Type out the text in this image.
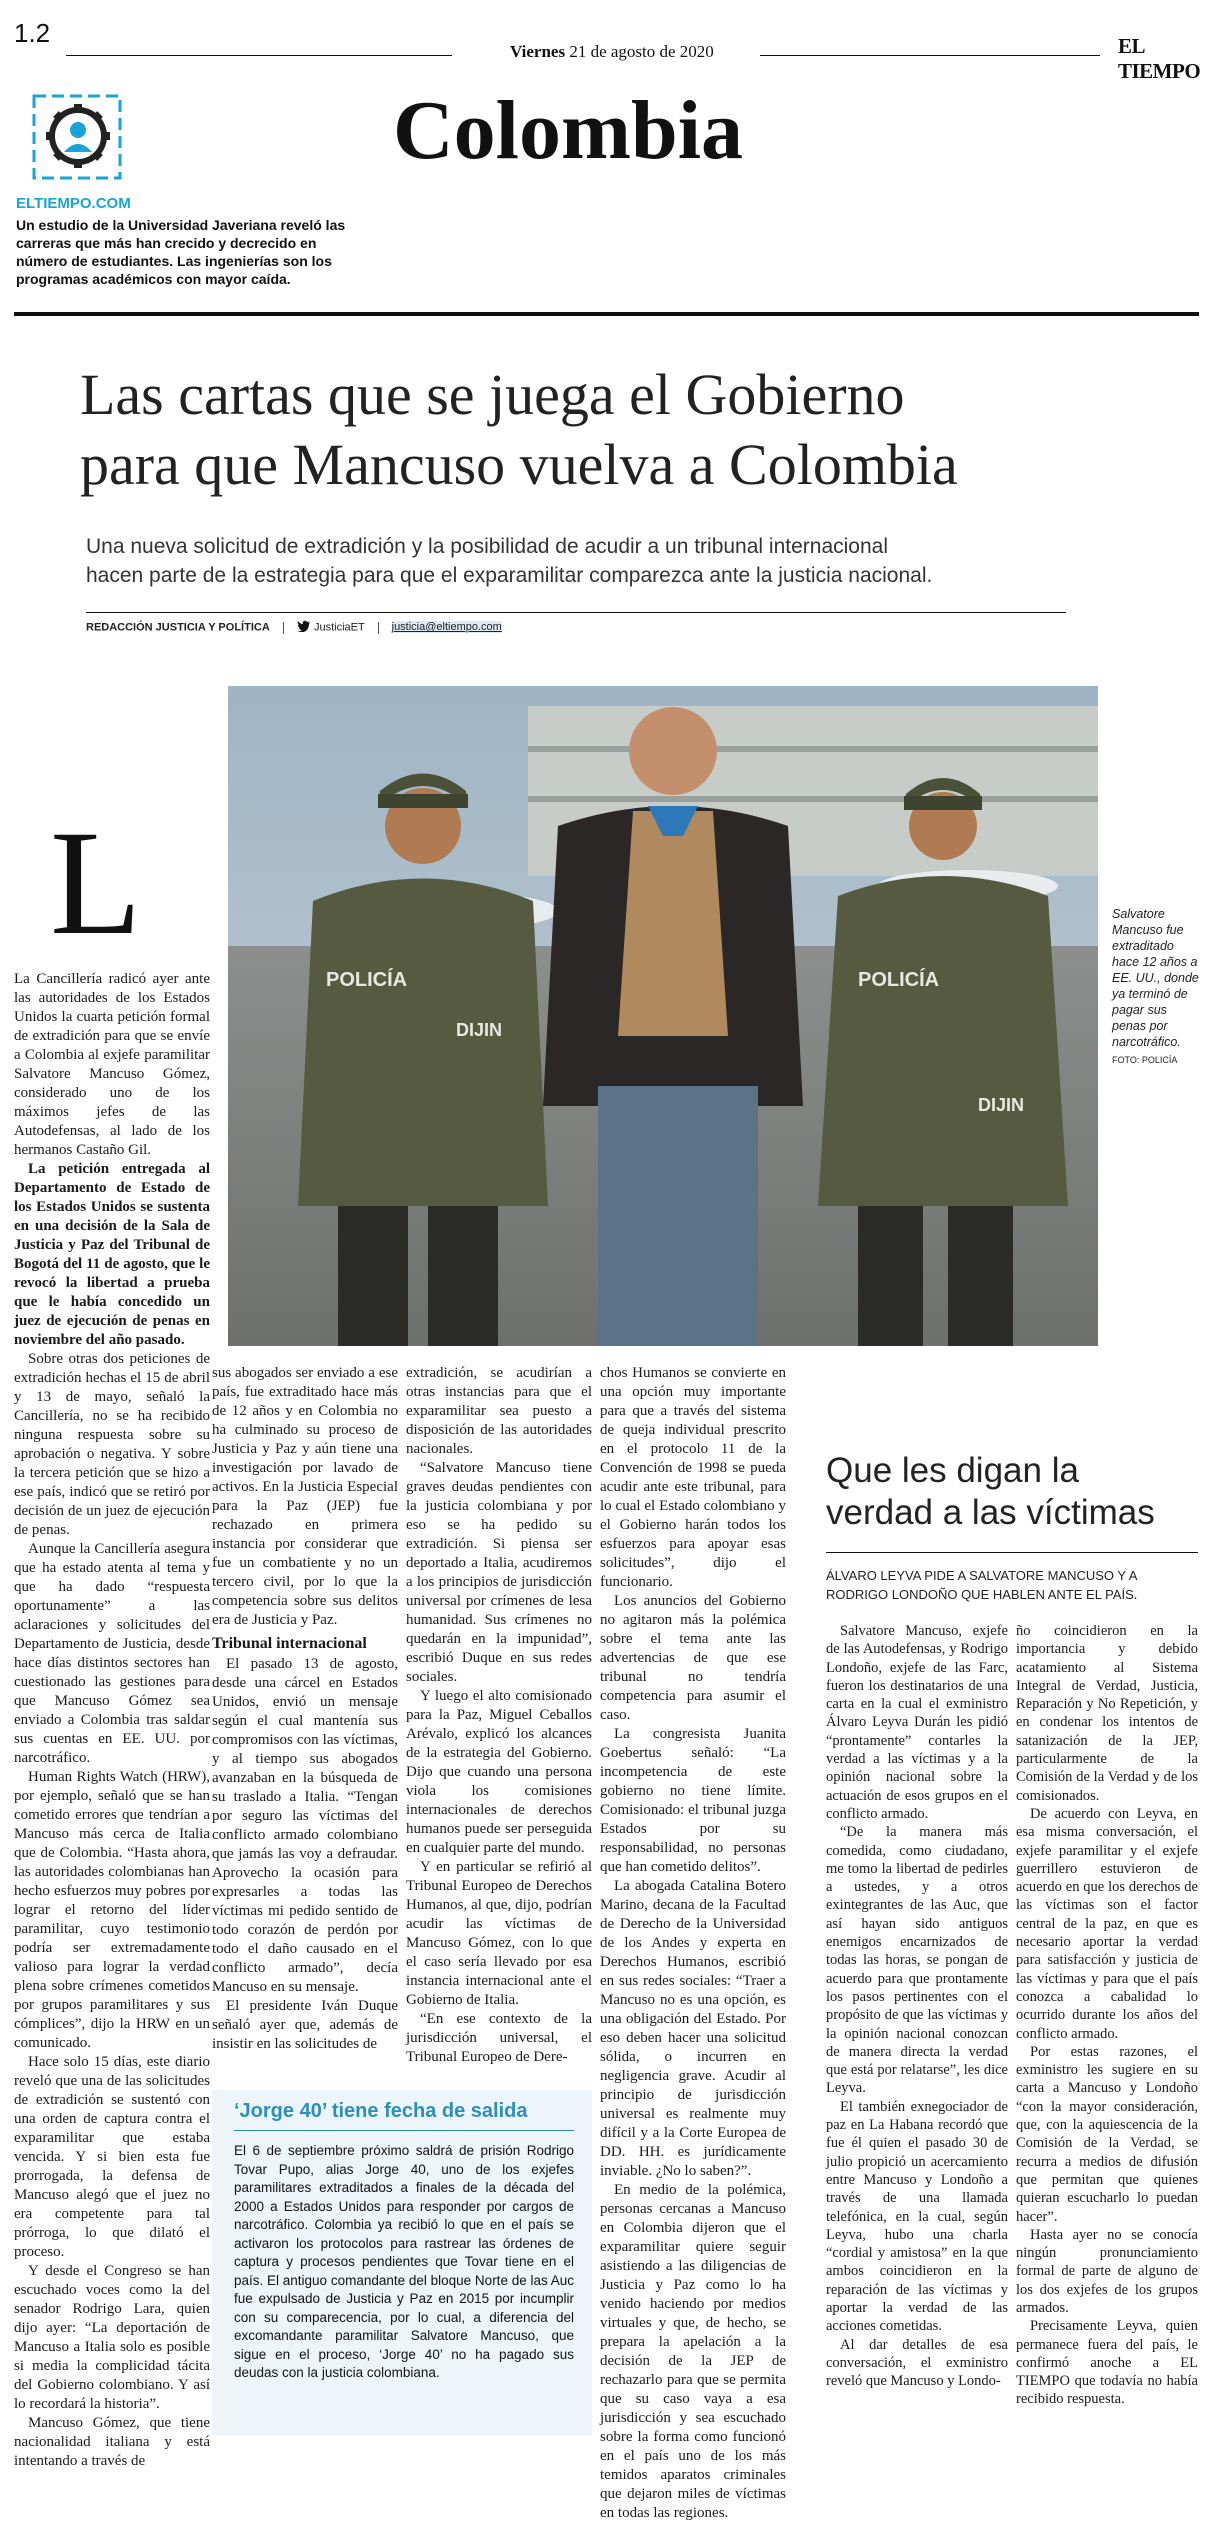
1.2
Viernes 21 de agosto de 2020	EL TIEMPO
ELTIEMPO.COM
Un estudio de la Universidad Javeriana reveló las carreras que más han crecido y decrecido en número de estudiantes. Las ingenierías son los programas académicos con mayor caída.
Colombia
Las cartas que se juega el Gobierno
para que Mancuso vuelva a Colombia
Una nueva solicitud de extradición y la posibilidad de acudir a un tribunal internacional
hacen parte de la estrategia para que el exparamilitar comparezca ante la justicia nacional.
REDACCIÓN JUSTICIA Y POLÍTICA	JusticiaET justicia@eltiempo.com
POLICÍA
DIJIN
POLICÍA
DIJIN
Salvatore Mancuso fue extraditado hace 12 años a EE. UU., donde ya terminó de pagar sus penas por narcotráfico.
FOTO: POLICÍA
L

La Cancillería radicó ayer ante las autoridades de los Estados Unidos la cuarta petición formal de extradición para que se envíe a Colombia al exjefe paramilitar Salvatore Mancuso Gómez, considerado uno de los máximos jefes de las Autodefensas, al lado de los hermanos Castaño Gil.

La petición entregada al Departamento de Estado de los Estados Unidos se sustenta en una decisión de la Sala de Justicia y Paz del Tribunal de Bogotá del 11 de agosto, que le revocó la libertad a prueba que le había concedido un juez de ejecución de penas en noviembre del año pasado.

Sobre otras dos peticiones de extradición hechas el 15 de abril y 13 de mayo, señaló la Cancillería, no se ha recibido ninguna respuesta sobre su aprobación o negativa. Y sobre la tercera petición que se hizo a ese país, indicó que se retiró por decisión de un juez de ejecución de penas.

Aunque la Cancillería asegura que ha estado atenta al tema y que ha dado “respuesta oportunamente” a las aclaraciones y solicitudes del Departamento de Justicia, desde hace días distintos sectores han cuestionado las gestiones para que Mancuso Gómez sea enviado a Colombia tras saldar sus cuentas en EE. UU. por narcotráfico.

Human Rights Watch (HRW), por ejemplo, señaló que se han cometido errores que tendrían a Mancuso más cerca de Italia que de Colombia. “Hasta ahora, las autoridades colombianas han hecho esfuerzos muy pobres por lograr el retorno del líder paramilitar, cuyo testimonio podría ser extremadamente valioso para lograr la verdad plena sobre crímenes cometidos por grupos paramilitares y sus cómplices”, dijo la HRW en un comunicado.

Hace solo 15 días, este diario reveló que una de las solicitudes de extradición se sustentó con una orden de captura contra el exparamilitar que estaba vencida. Y si bien esta fue prorrogada, la defensa de Mancuso alegó que el juez no era competente para tal prórroga, lo que dilató el proceso.

Y desde el Congreso se han escuchado voces como la del senador Rodrigo Lara, quien dijo ayer: “La deportación de Mancuso a Italia solo es posible si media la complicidad tácita del Gobierno colombiano. Y así lo recordará la historia”.

Mancuso Gómez, que tiene nacionalidad italiana y está intentando a través de

sus abogados ser enviado a ese país, fue extraditado hace más de 12 años y en Colombia no ha culminado su proceso de Justicia y Paz y aún tiene una investigación por lavado de activos. En la Justicia Especial para la Paz (JEP) fue rechazado en primera instancia por considerar que fue un combatiente y no un tercero civil, por lo que la competencia sobre sus delitos era de Justicia y Paz.

Tribunal internacional

El pasado 13 de agosto, desde una cárcel en Estados Unidos, envió un mensaje según el cual mantenía sus compromisos con las víctimas, y al tiempo sus abogados avanzaban en la búsqueda de su traslado a Italia. “Tengan por seguro las víctimas del conflicto armado colombiano que jamás las voy a defraudar. Aprovecho la ocasión para expresarles a todas las víctimas mi pedido sentido de todo corazón de perdón por todo el daño causado en el conflicto armado”, decía Mancuso en su mensaje.

El presidente Iván Duque señaló ayer que, además de insistir en las solicitudes de

extradición, se acudirían a otras instancias para que el exparamilitar sea puesto a disposición de las autoridades nacionales.

“Salvatore Mancuso tiene graves deudas pendientes con la justicia colombiana y por eso se ha pedido su extradición. Si piensa ser deportado a Italia, acudiremos a los principios de jurisdicción universal por crímenes de lesa humanidad. Sus crímenes no quedarán en la impunidad”, escribió Duque en sus redes sociales.

Y luego el alto comisionado para la Paz, Miguel Ceballos Arévalo, explicó los alcances de la estrategia del Gobierno. Dijo que cuando una persona viola los comisiones internacionales de derechos humanos puede ser perseguida en cualquier parte del mundo.

Y en particular se refirió al Tribunal Europeo de Derechos Humanos, al que, dijo, podrían acudir las víctimas de Mancuso Gómez, con lo que el caso sería llevado por esa instancia internacional ante el Gobierno de Italia.

“En ese contexto de la jurisdicción universal, el Tribunal Europeo de Dere-

chos Humanos se convierte en una opción muy importante para que a través del sistema de queja individual prescrito en el protocolo 11 de la Convención de 1998 se pueda acudir ante este tribunal, para lo cual el Estado colombiano y el Gobierno harán todos los esfuerzos para apoyar esas solicitudes”, dijo el funcionario.

Los anuncios del Gobierno no agitaron más la polémica sobre el tema ante las advertencias de que ese tribunal no tendría competencia para asumir el caso.

La congresista Juanita Goebertus señaló: “La incompetencia de este gobierno no tiene límite. Comisionado: el tribunal juzga Estados por su responsabilidad, no personas que han cometido delitos”.

La abogada Catalina Botero Marino, decana de la Facultad de Derecho de la Universidad de los Andes y experta en Derechos Humanos, escribió en sus redes sociales: “Traer a Mancuso no es una opción, es una obligación del Estado. Por eso deben hacer una solicitud sólida, o incurren en negligencia grave. Acudir al principio de jurisdicción universal es realmente muy difícil y a la Corte Europea de DD. HH. es jurídicamente inviable. ¿No lo saben?”.

En medio de la polémica, personas cercanas a Mancuso en Colombia dijeron que el exparamilitar quiere seguir asistiendo a las diligencias de Justicia y Paz como lo ha venido haciendo por medios virtuales y que, de hecho, se prepara la apelación a la decisión de la JEP de rechazarlo para que se permita que su caso vaya a esa jurisdicción y sea escuchado sobre la forma como funcionó en el país uno de los más temidos aparatos criminales que dejaron miles de víctimas en todas las regiones.

‘Jorge 40’ tiene fecha de salida
El 6 de septiembre próximo saldrá de prisión Rodrigo Tovar Pupo, alias Jorge 40, uno de los exjefes paramilitares extraditados a finales de la década del 2000 a Estados Unidos para responder por cargos de narcotráfico. Colombia ya recibió lo que en el país se activaron los protocolos para rastrear las órdenes de captura y procesos pendientes que Tovar tiene en el país. El antiguo comandante del bloque Norte de las Auc fue expulsado de Justicia y Paz en 2015 por incumplir con su comparecencia, por lo cual, a diferencia del excomandante paramilitar Salvatore Mancuso, que sigue en el proceso, ‘Jorge 40’ no ha pagado sus deudas con la justicia colombiana.
Que les digan la
verdad a las víctimas
ÁLVARO LEYVA PIDE A SALVATORE MANCUSO Y A RODRIGO LONDOÑO QUE HABLEN ANTE EL PAÍS.

Salvatore Mancuso, exjefe de las Autodefensas, y Rodrigo Londoño, exjefe de las Farc, fueron los destinatarios de una carta en la cual el exministro Álvaro Leyva Durán les pidió “prontamente” contarles la verdad a las víctimas y a la opinión nacional sobre la actuación de esos grupos en el conflicto armado.

“De la manera más comedida, como ciudadano, me tomo la libertad de pedirles a ustedes, y a otros exintegrantes de las Auc, que así hayan sido antiguos enemigos encarnizados de todas las horas, se pongan de acuerdo para que prontamente los pasos pertinentes con el propósito de que las víctimas y la opinión nacional conozcan de manera directa la verdad que está por relatarse”, les dice Leyva.

El también exnegociador de paz en La Habana recordó que fue él quien el pasado 30 de julio propició un acercamiento entre Mancuso y Londoño a través de una llamada telefónica, en la cual, según Leyva, hubo una charla “cordial y amistosa” en la que ambos coincidieron en la reparación de las víctimas y aportar la verdad de las acciones cometidas.

Al dar detalles de esa conversación, el exministro reveló que Mancuso y Londo-

ño coincidieron en la importancia y debido acatamiento al Sistema Integral de Verdad, Justicia, Reparación y No Repetición, y en condenar los intentos de satanización de la JEP, particularmente de la Comisión de la Verdad y de los comisionados.

De acuerdo con Leyva, en esa misma conversación, el exjefe paramilitar y el exjefe guerrillero estuvieron de acuerdo en que los derechos de las víctimas son el factor central de la paz, en que es necesario aportar la verdad para satisfacción y justicia de las víctimas y para que el país conozca a cabalidad lo ocurrido durante los años del conflicto armado.

Por estas razones, el exministro les sugiere en su carta a Mancuso y Londoño “con la mayor consideración, que, con la aquiescencia de la Comisión de la Verdad, se recurra a medios de difusión que permitan que quienes quieran escucharlo lo puedan hacer”.

Hasta ayer no se conocía ningún pronunciamiento formal de parte de alguno de los dos exjefes de los grupos armados.

Precisamente Leyva, quien permanece fuera del país, le confirmó anoche a EL TIEMPO que todavía no había recibido respuesta.
